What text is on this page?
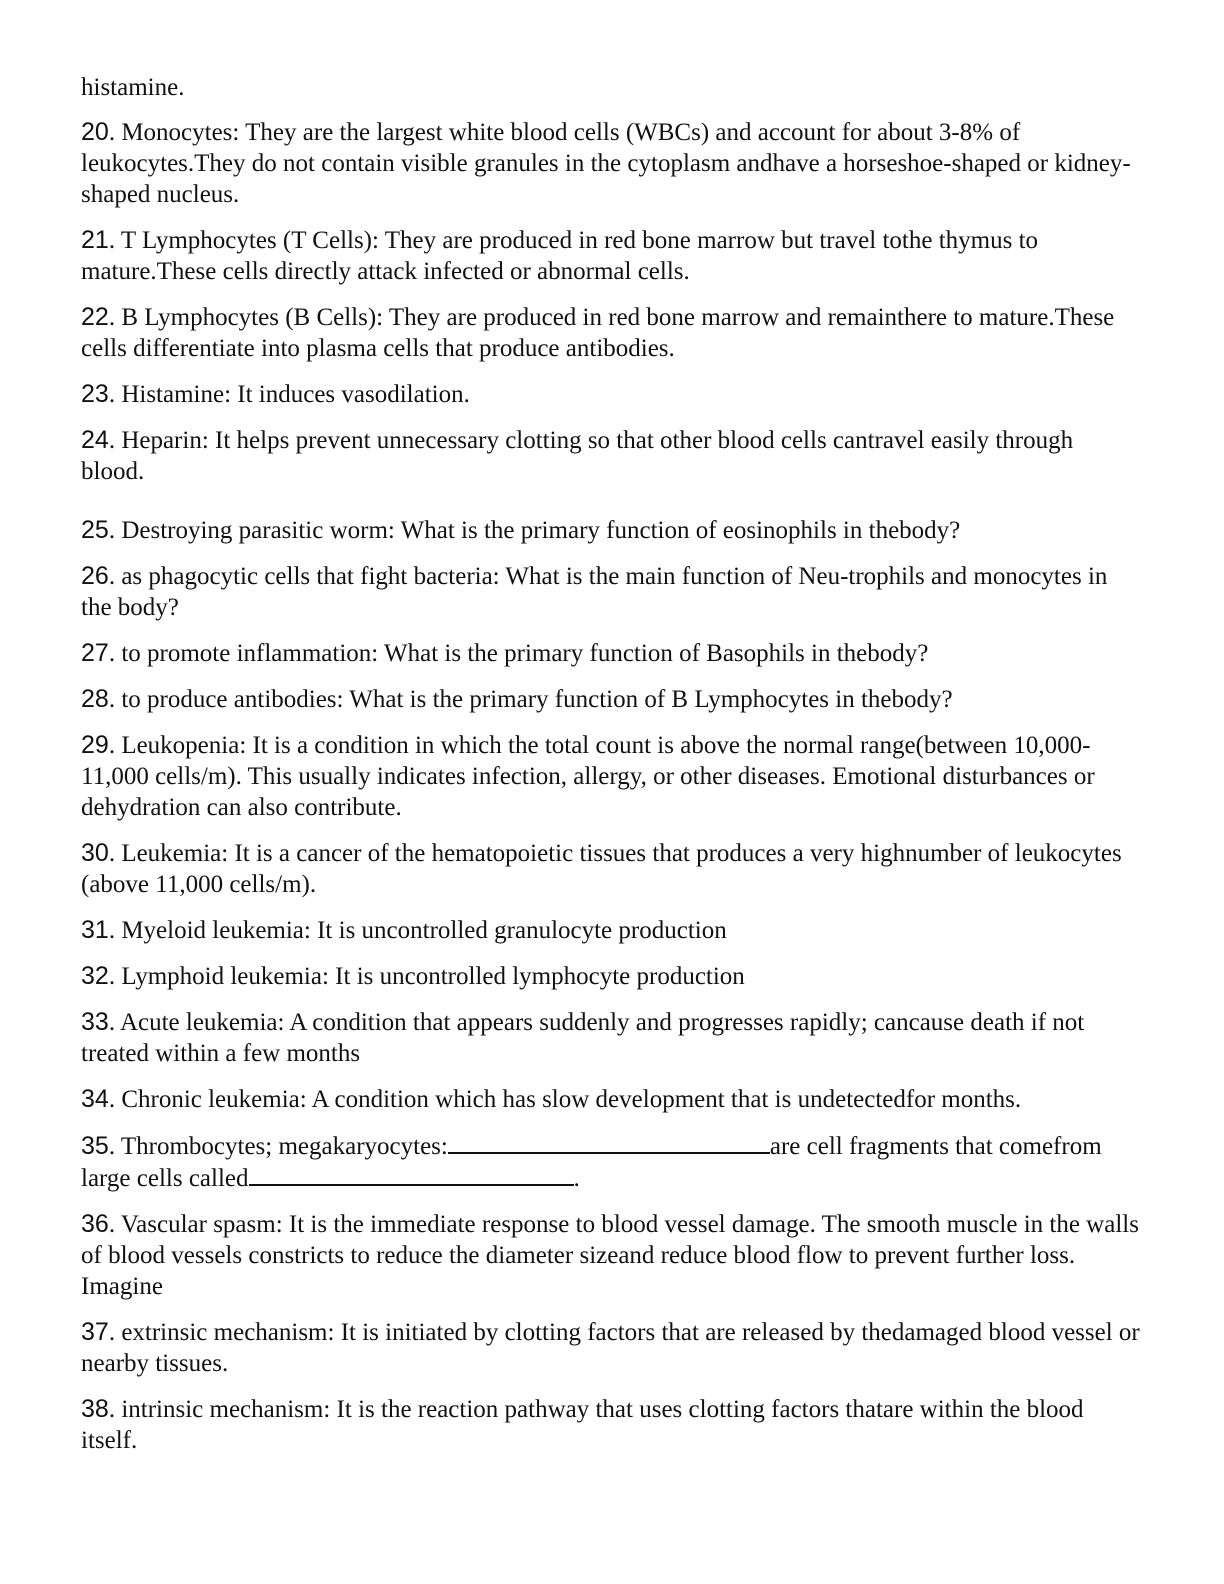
histamine.

20. Monocytes: They are the largest white blood cells (WBCs) and account for about 3-8% of leukocytes.They do not contain visible granules in the cytoplasm andhave a horseshoe-shaped or kidney-shaped nucleus.

21. T Lymphocytes (T Cells): They are produced in red bone marrow but travel tothe thymus to mature.These cells directly attack infected or abnormal cells.

22. B Lymphocytes (B Cells): They are produced in red bone marrow and remainthere to mature.These cells differentiate into plasma cells that produce antibodies.

23. Histamine: It induces vasodilation.

24. Heparin: It helps prevent unnecessary clotting so that other blood cells cantravel easily through blood.

25. Destroying parasitic worm: What is the primary function of eosinophils in thebody?

26. as phagocytic cells that fight bacteria: What is the main function of Neu-trophils and monocytes in the body?

27. to promote inflammation: What is the primary function of Basophils in thebody?

28. to produce antibodies: What is the primary function of B Lymphocytes in thebody?

29. Leukopenia: It is a condition in which the total count is above the normal range(between 10,000-11,000 cells/m). This usually indicates infection, allergy, or other diseases. Emotional disturbances or dehydration can also contribute.

30. Leukemia: It is a cancer of the hematopoietic tissues that produces a very highnumber of leukocytes (above 11,000 cells/m).

31. Myeloid leukemia: It is uncontrolled granulocyte production

32. Lymphoid leukemia: It is uncontrolled lymphocyte production

33. Acute leukemia: A condition that appears suddenly and progresses rapidly; cancause death if not treated within a few months

34. Chronic leukemia: A condition which has slow development that is undetectedfor months.

35. Thrombocytes; megakaryocytes:	are cell fragments that comefrom large cells called	.

36. Vascular spasm: It is the immediate response to blood vessel damage. The smooth muscle in the walls of blood vessels constricts to reduce the diameter sizeand reduce blood flow to prevent further loss. Imagine

37. extrinsic mechanism: It is initiated by clotting factors that are released by thedamaged blood vessel or nearby tissues.

38. intrinsic mechanism: It is the reaction pathway that uses clotting factors thatare within the blood itself.
